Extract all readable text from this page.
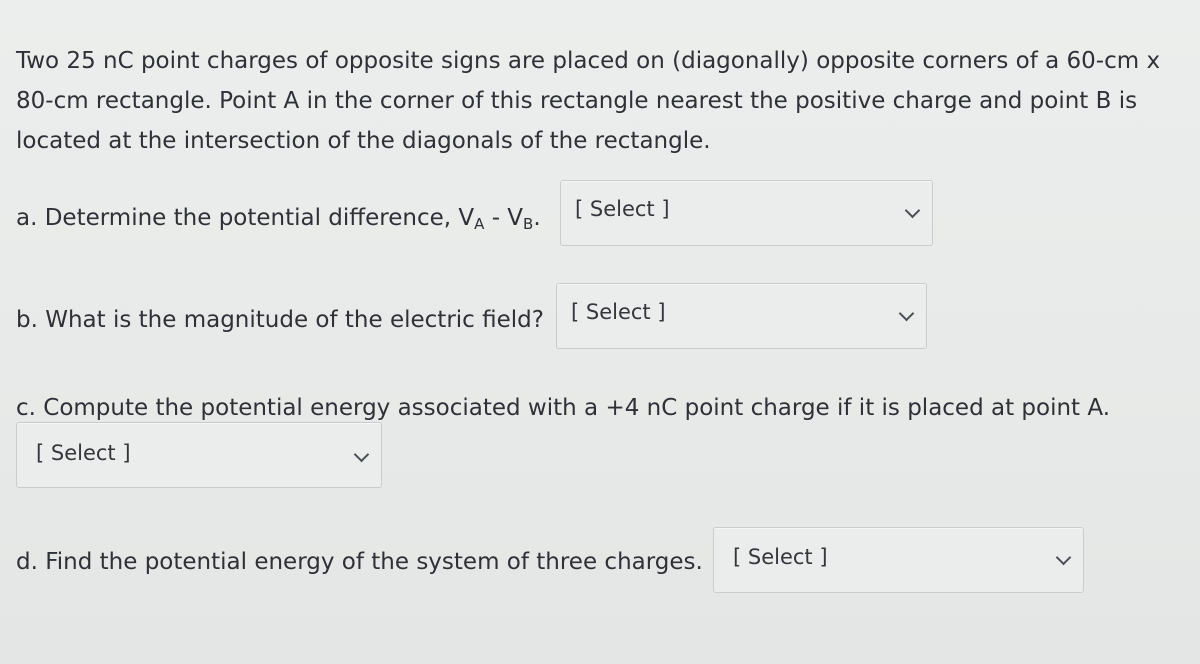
Two 25 nC point charges of opposite signs are placed on (diagonally) opposite corners of a 60-cm x
80-cm rectangle. Point A in the corner of this rectangle nearest the positive charge and point B is
located at the intersection of the diagonals of the rectangle.
a. Determine the potential difference, $V_A - V_B$. [ Select ]
b. What is the magnitude of the electric field? [ Select ]
c. Compute the potential energy associated with a +4 nC point charge if it is placed at point A.
[ Select ]
d. Find the potential energy of the system of three charges. [ Select ]
